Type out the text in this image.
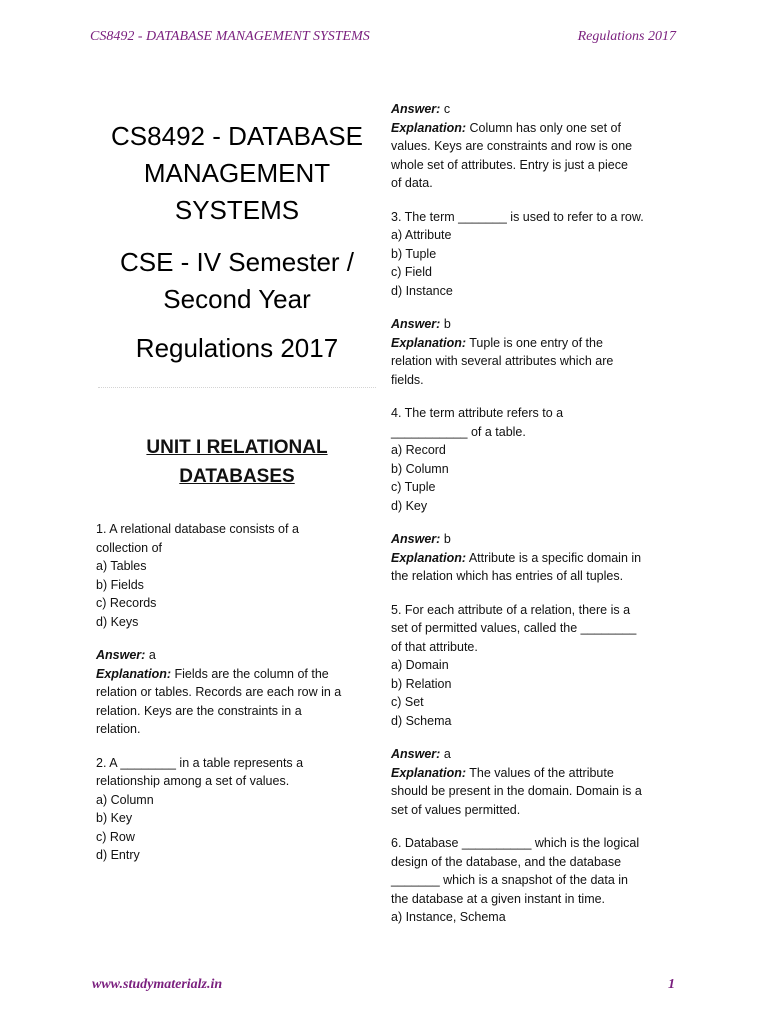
CS8492 - DATABASE MANAGEMENT SYSTEMS	Regulations 2017
CS8492 - DATABASE
MANAGEMENT
SYSTEMS
CSE - IV Semester /
Second Year
Regulations 2017
UNIT I RELATIONAL
DATABASES
1. A relational database consists of a
collection of
a) Tables
b) Fields
c) Records
d) Keys
Answer: a
Explanation: Fields are the column of the
relation or tables. Records are each row in a
relation. Keys are the constraints in a
relation.
2. A ________ in a table represents a
relationship among a set of values.
a) Column
b) Key
c) Row
d) Entry
Answer: c
Explanation: Column has only one set of
values. Keys are constraints and row is one
whole set of attributes. Entry is just a piece
of data.
3. The term _______ is used to refer to a row.
a) Attribute
b) Tuple
c) Field
d) Instance
Answer: b
Explanation: Tuple is one entry of the
relation with several attributes which are
fields.
4. The term attribute refers to a
___________ of a table.
a) Record
b) Column
c) Tuple
d) Key
Answer: b
Explanation: Attribute is a specific domain in
the relation which has entries of all tuples.
5. For each attribute of a relation, there is a
set of permitted values, called the ________
of that attribute.
a) Domain
b) Relation
c) Set
d) Schema
Answer: a
Explanation: The values of the attribute
should be present in the domain. Domain is a
set of values permitted.
6. Database __________ which is the logical
design of the database, and the database
_______ which is a snapshot of the data in
the database at a given instant in time.
a) Instance, Schema
www.studymaterialz.in	1
